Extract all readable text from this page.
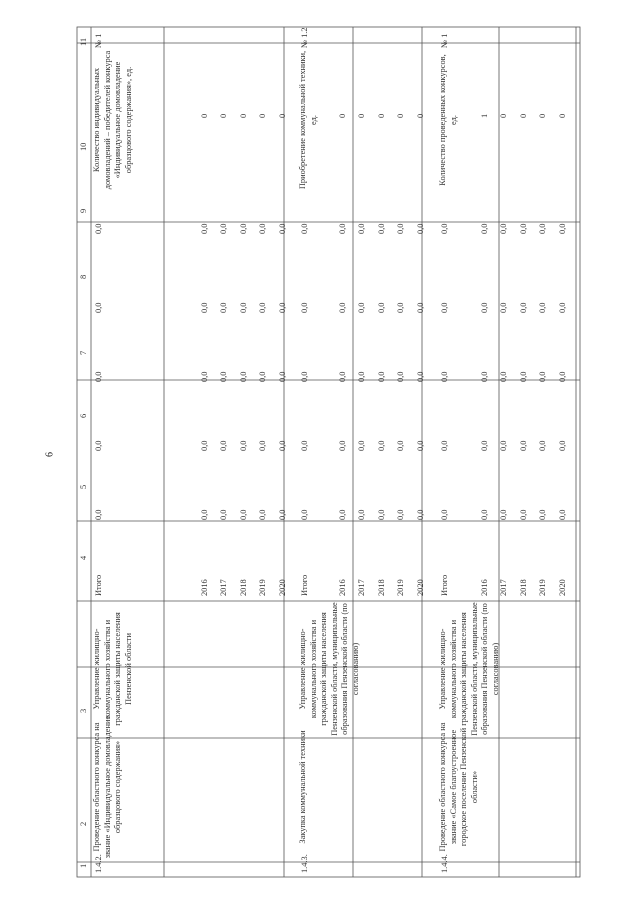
6
1
2
3
4
5
6
7
8
9
10
11
1.4.2.
Проведение областного конкурса на звание «Индивидуальное домовладение образцового содержания»
Управление жилищно-коммунального хозяйства и гражданской защиты населения Пензенской области
Итого
0,0
0,0
0,0
0,0
0,0
Количество индивидуальных домовладений – победителей конкурса «Индивидуальное домовладение образцового содержания», ед.
№ 1
2016
0,0
0,0
0,0
0,0
0,0
0
2017
0,0
0,0
0,0
0,0
0,0
0
2018
0,0
0,0
0,0
0,0
0,0
0
2019
0,0
0,0
0,0
0,0
0,0
0
2020
0,0
0,0
0,0
0,0
0,0
0
1.4.3.
Закупка коммунальной техники
Управление жилищно-коммунального хозяйства и гражданской защиты населения Пензенской области, муниципальные образования Пензенской области (по согласованию)
Итого
0,0
0,0
0,0
0,0
0,0
Приобретение коммунальной техники, ед.
№ 1.2
2016
0,0
0,0
0,0
0,0
0,0
0
2017
0,0
0,0
0,0
0,0
0,0
0
2018
0,0
0,0
0,0
0,0
0,0
0
2019
0,0
0,0
0,0
0,0
0,0
0
2020
0,0
0,0
0,0
0,0
0,0
0
1.4.4.
Проведение областного конкурса на звание «Самое благоустроенное городское поселение Пензенской области»
Управление жилищно-коммунального хозяйства и гражданской защиты населения Пензенской области, муниципальные образования Пензенской области (по согласованию)
Итого
0,0
0,0
0,0
0,0
0,0
Количество проведенных конкурсов, ед.
№ 1
2016
0,0
0,0
0,0
0,0
0,0
1
2017
0,0
0,0
0,0
0,0
0,0
0
2018
0,0
0,0
0,0
0,0
0,0
0
2019
0,0
0,0
0,0
0,0
0,0
0
2020
0,0
0,0
0,0
0,0
0,0
0
